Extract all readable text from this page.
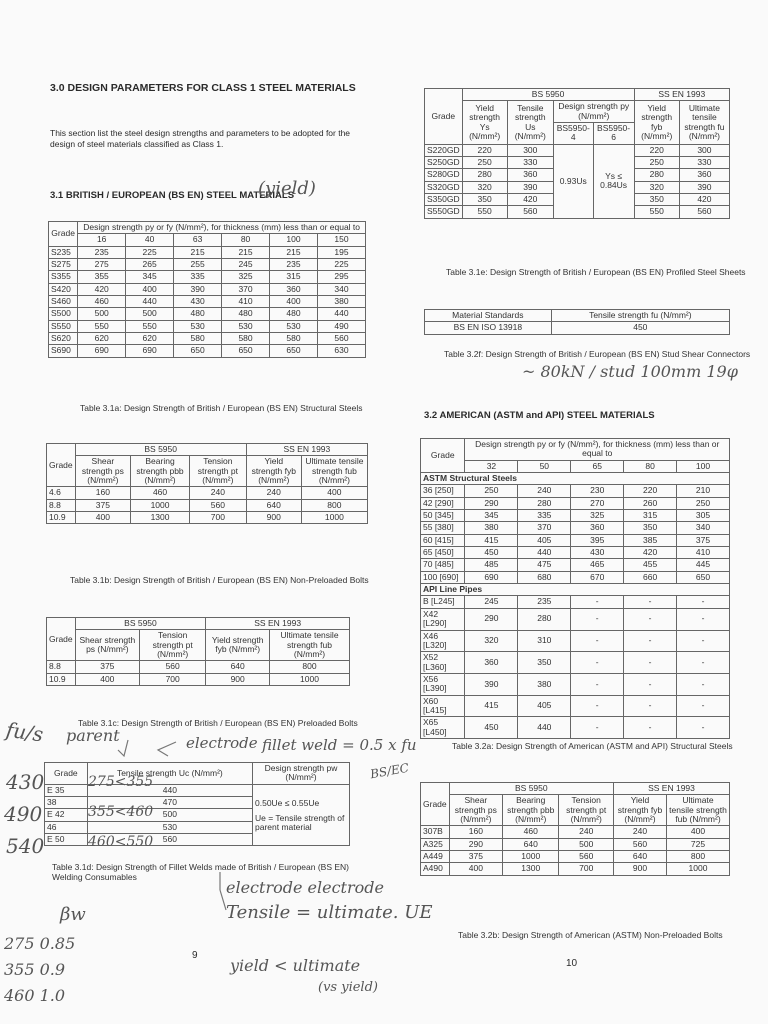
3.0 DESIGN PARAMETERS FOR CLASS 1 STEEL MATERIALS
This section list the steel design strengths and parameters to be adopted for the design of steel materials classified as Class 1.
3.1 BRITISH / EUROPEAN (BS EN) STEEL MATERIALS
Grade	Design strength py or fy (N/mm²), for thickness (mm) less than or equal to					
	16	40	63	80	100	150
S235	235	225	215	215	215	195
S275	275	265	255	245	235	225
S355	355	345	335	325	315	295
S420	420	400	390	370	360	340
S460	460	440	430	410	400	380
S500	500	500	480	480	480	440
S550	550	550	530	530	530	490
S620	620	620	580	580	580	560
S690	690	690	650	650	650	630
Table 3.1a: Design Strength of British / European (BS EN) Structural Steels
Grade	BS 5950			SS EN 1993	
	Shear strength ps (N/mm²)	Bearing strength pbb (N/mm²)	Tension strength pt (N/mm²)	Yield strength fyb (N/mm²)	Ultimate tensile strength fub (N/mm²)
4.6	160	460	240	240	400
8.8	375	1000	560	640	800
10.9	400	1300	700	900	1000
Table 3.1b: Design Strength of British / European (BS EN) Non-Preloaded Bolts
Grade	BS 5950		SS EN 1993	
	Shear strength ps (N/mm²)	Tension strength pt (N/mm²)	Yield strength fyb (N/mm²)	Ultimate tensile strength fub (N/mm²)
8.8	375	560	640	800
10.9	400	700	900	1000
Table 3.1c: Design Strength of British / European (BS EN) Preloaded Bolts
Grade	Tensile strength Uc (N/mm²)	Design strength pw (N/mm²)
E 35	440	0.50Ue ≤ 0.55Ue
Ue = Tensile strength of parent material

38	470	
E 42	500	
46	530	
E 50	560	
Table 3.1d: Design Strength of Fillet Welds made of British / European (BS EN) Welding Consumables
9
Grade	BS 5950				SS EN 1993	
	Yield strength Ys (N/mm²)	Tensile strength Us (N/mm²)	Design strength py (N/mm²)		Yield strength fyb (N/mm²)	Ultimate tensile strength fu (N/mm²)
			BS5950-4	BS5950-6		
S220GD	220	300	0.93Us	Ys ≤ 0.84Us	220	300
S250GD	250	330			250	330
S280GD	280	360			280	360
S320GD	320	390			320	390
S350GD	350	420			350	420
S550GD	550	560			550	560
Table 3.1e: Design Strength of British / European (BS EN) Profiled Steel Sheets
Material Standards	Tensile strength fu (N/mm²)
BS EN ISO 13918	450
Table 3.2f: Design Strength of British / European (BS EN) Stud Shear Connectors
3.2 AMERICAN (ASTM and API) STEEL MATERIALS
Grade	Design strength py or fy (N/mm²), for thickness (mm) less than or equal to				
	32	50	65	80	100
ASTM Structural Steels					
36 [250]	250	240	230	220	210
42 [290]	290	280	270	260	250
50 [345]	345	335	325	315	305
55 [380]	380	370	360	350	340
60 [415]	415	405	395	385	375
65 [450]	450	440	430	420	410
70 [485]	485	475	465	455	445
100 [690]	690	680	670	660	650
API Line Pipes					
B [L245]	245	235	-	-	-
X42 [L290]	290	280	-	-	-
X46 [L320]	320	310	-	-	-
X52 [L360]	360	350	-	-	-
X56 [L390]	390	380	-	-	-
X60 [L415]	415	405	-	-	-
X65 [L450]	450	440	-	-	-
Table 3.2a: Design Strength of American (ASTM and API) Structural Steels
Grade	BS 5950			SS EN 1993	
	Shear strength ps (N/mm²)	Bearing strength pbb (N/mm²)	Tension strength pt (N/mm²)	Yield strength fyb (N/mm²)	Ultimate tensile strength fub (N/mm²)
307B	160	460	240	240	400
A325	290	640	500	560	725
A449	375	1000	560	640	800
A490	400	1300	700	900	1000
Table 3.2b: Design Strength of American (ASTM) Non-Preloaded Bolts
10
(yield)
fu/s parent	electrode fillet weld = 0.5 x fu
BS/EC
430
490
540
275<355
355<460
460<550
~ 80kN / stud 100mm 19φ
electrode electrode
Tensile = ultimate. UE
yield < ultimate
(vs yield)
βw
275 0.85
355 0.9
460 1.0
